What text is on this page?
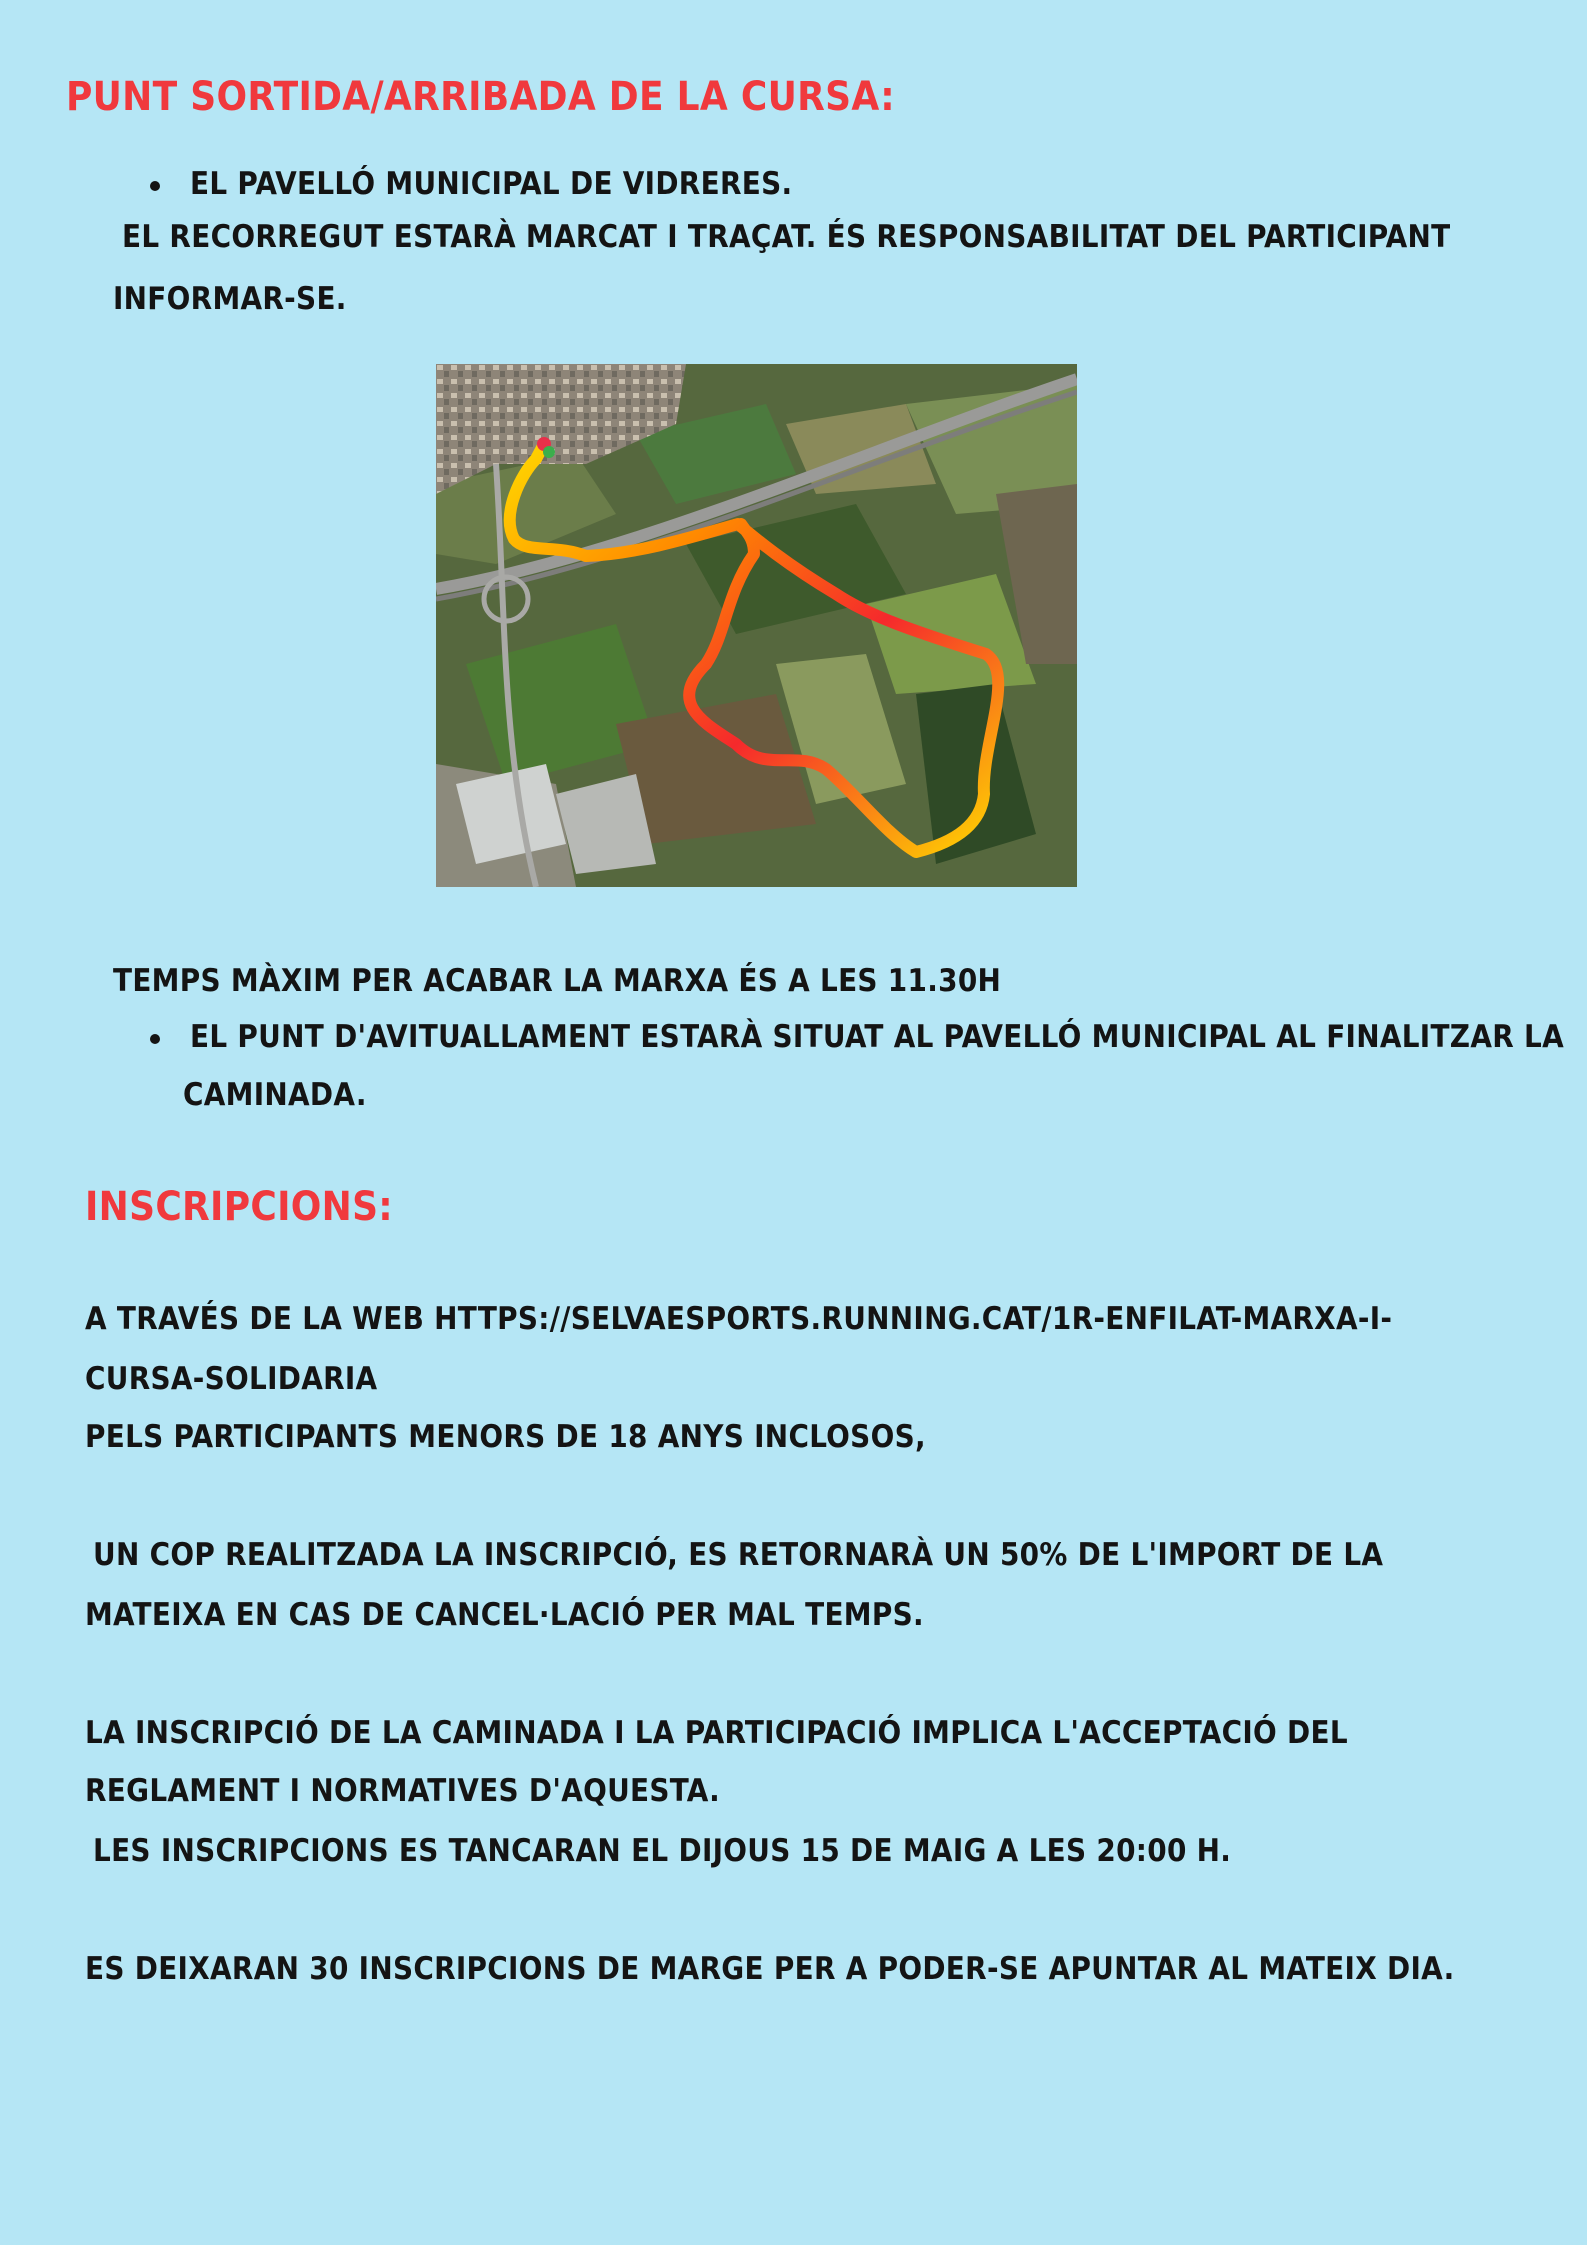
PUNT SORTIDA/ARRIBADA DE LA CURSA:
EL PAVELLÓ MUNICIPAL DE VIDRERES.
EL RECORREGUT ESTARÀ MARCAT I TRAÇAT. ÉS RESPONSABILITAT DEL PARTICIPANT
INFORMAR-SE.
TEMPS MÀXIM PER ACABAR LA MARXA ÉS A LES 11.30H
EL PUNT D'AVITUALLAMENT ESTARÀ SITUAT AL PAVELLÓ MUNICIPAL AL FINALITZAR LA
CAMINADA.
INSCRIPCIONS:
A TRAVÉS DE LA WEB HTTPS://SELVAESPORTS.RUNNING.CAT/1R-ENFILAT-MARXA-I-
CURSA-SOLIDARIA
PELS PARTICIPANTS MENORS DE 18 ANYS INCLOSOS,
UN COP REALITZADA LA INSCRIPCIÓ, ES RETORNARÀ UN 50% DE L'IMPORT DE LA
MATEIXA EN CAS DE CANCEL·LACIÓ PER MAL TEMPS.
LA INSCRIPCIÓ DE LA CAMINADA I LA PARTICIPACIÓ IMPLICA L'ACCEPTACIÓ DEL
REGLAMENT I NORMATIVES D'AQUESTA.
LES INSCRIPCIONS ES TANCARAN EL DIJOUS 15 DE MAIG A LES 20:00 H.
ES DEIXARAN 30 INSCRIPCIONS DE MARGE PER A PODER-SE APUNTAR AL MATEIX DIA.
